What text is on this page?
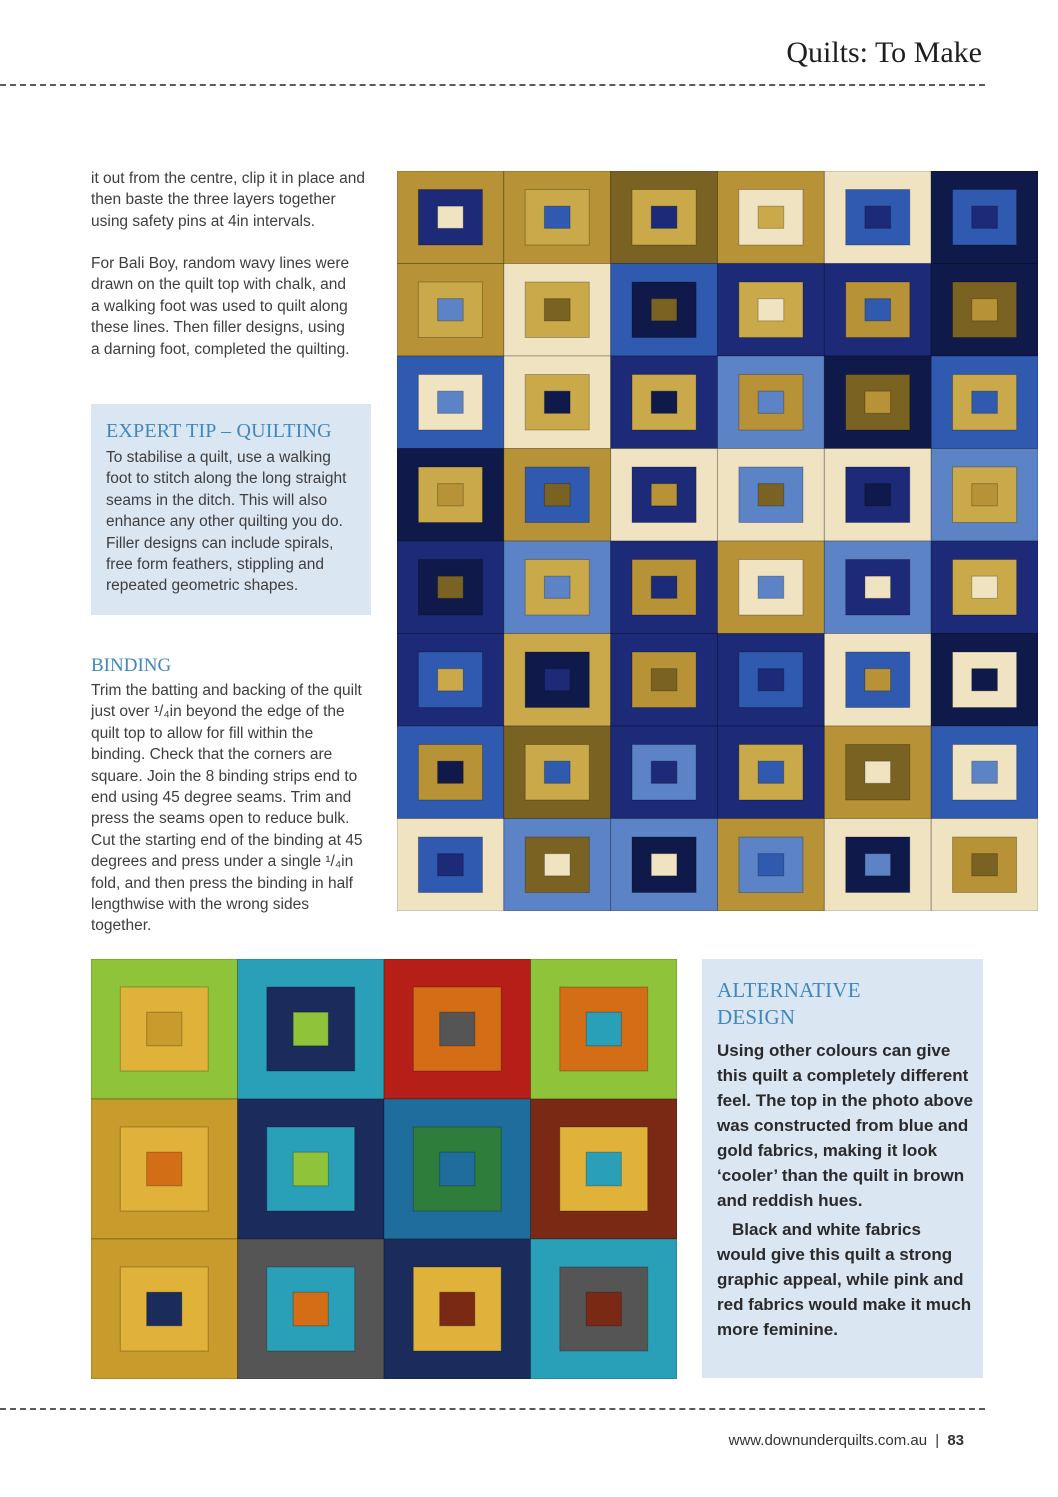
Quilts: To Make

it out from the centre, clip it in place and then baste the three layers together using safety pins at 4in intervals.

For Bali Boy, random wavy lines were drawn on the quilt top with chalk, and a walking foot was used to quilt along these lines. Then filler designs, using a darning foot, completed the quilting.

EXPERT TIP – QUILTING

To stabilise a quilt, use a walking foot to stitch along the long straight seams in the ditch. This will also enhance any other quilting you do. Filler designs can include spirals, free form feathers, stippling and repeated geometric shapes.

BINDING

Trim the batting and backing of the quilt just over ¹/₄in beyond the edge of the quilt top to allow for fill within the binding. Check that the corners are square. Join the 8 binding strips end to end using 45 degree seams. Trim and press the seams open to reduce bulk. Cut the starting end of the binding at 45 degrees and press under a single ¹/₄in fold, and then press the binding in half lengthwise with the wrong sides together.

ALTERNATIVE
DESIGN

Using other colours can give this quilt a completely different feel. The top in the photo above was constructed from blue and gold fabrics, making it look ‘cooler’ than the quilt in brown and reddish hues.

Black and white fabrics would give this quilt a strong graphic appeal, while pink and red fabrics would make it much more feminine.

www.downunderquilts.com.au | 83
